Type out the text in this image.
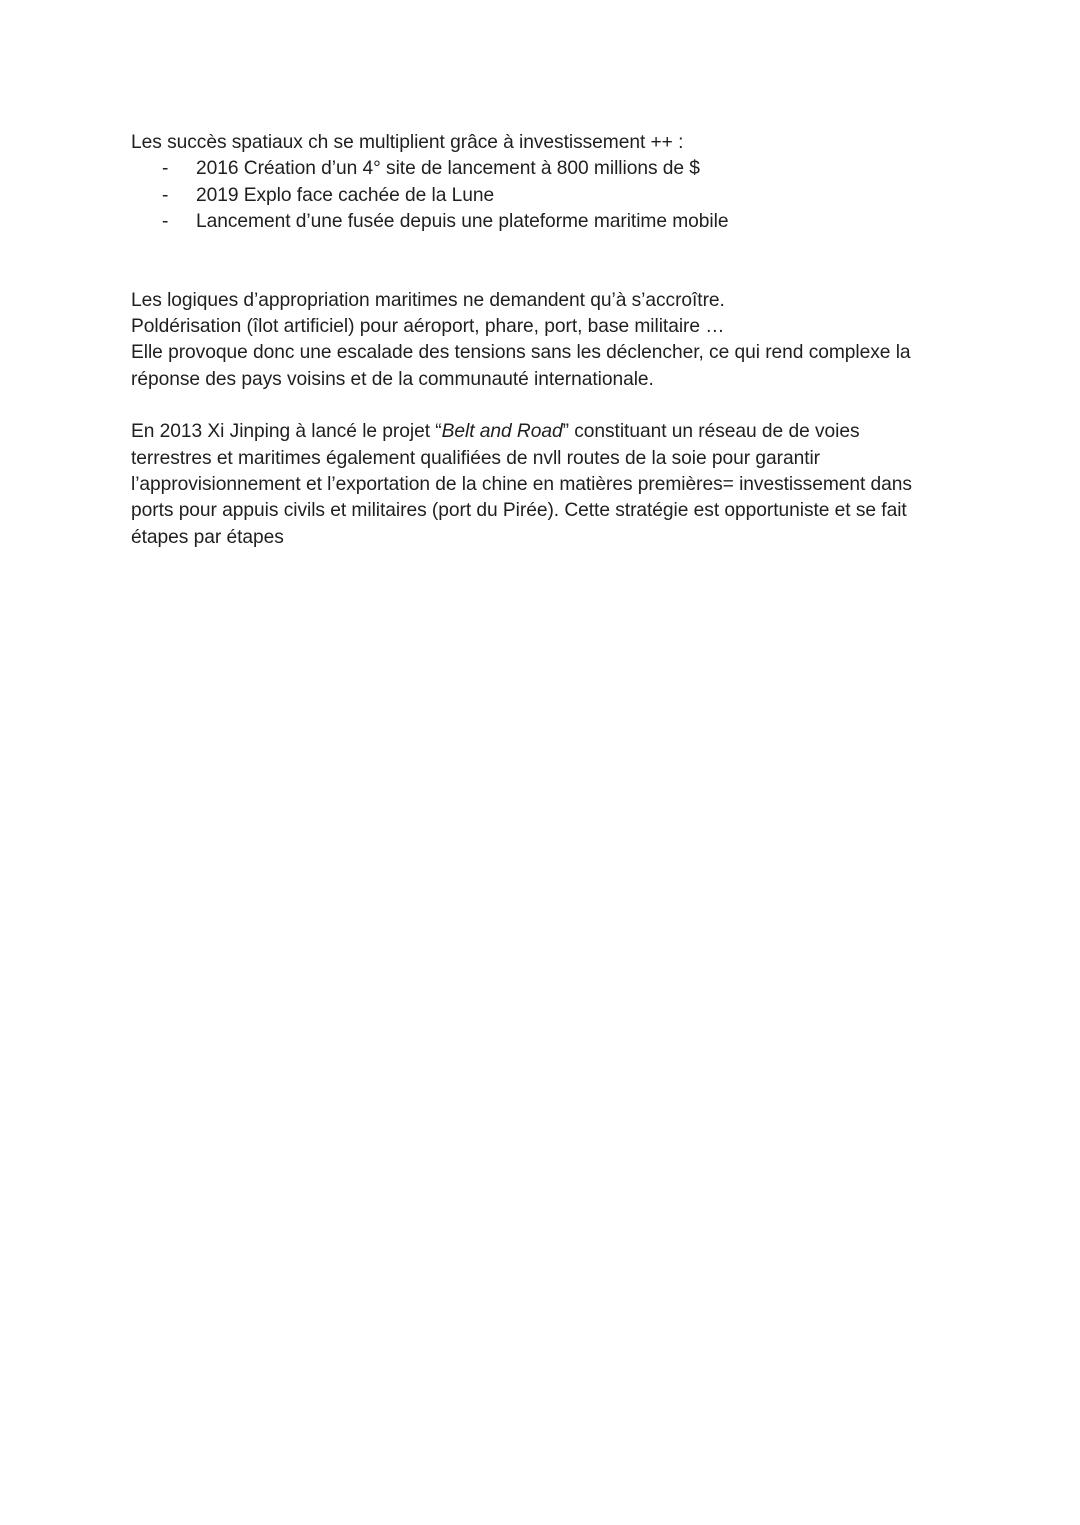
Les succès spatiaux ch se multiplient grâce à investissement ++ :

- 2016 Création d’un 4° site de lancement à 800 millions de $
- 2019 Explo face cachée de la Lune
- Lancement d’une fusée depuis une plateforme maritime mobile

Les logiques d’appropriation maritimes ne demandent qu’à s’accroître.

Poldérisation (îlot artificiel) pour aéroport, phare, port, base militaire …

Elle provoque donc une escalade des tensions sans les déclencher, ce qui rend complexe la

réponse des pays voisins et de la communauté internationale.

En 2013 Xi Jinping à lancé le projet “Belt and Road” constituant un réseau de de voies

terrestres et maritimes également qualifiées de nvll routes de la soie pour garantir

l’approvisionnement et l’exportation de la chine en matières premières= investissement dans

ports pour appuis civils et militaires (port du Pirée). Cette stratégie est opportuniste et se fait

étapes par étapes
